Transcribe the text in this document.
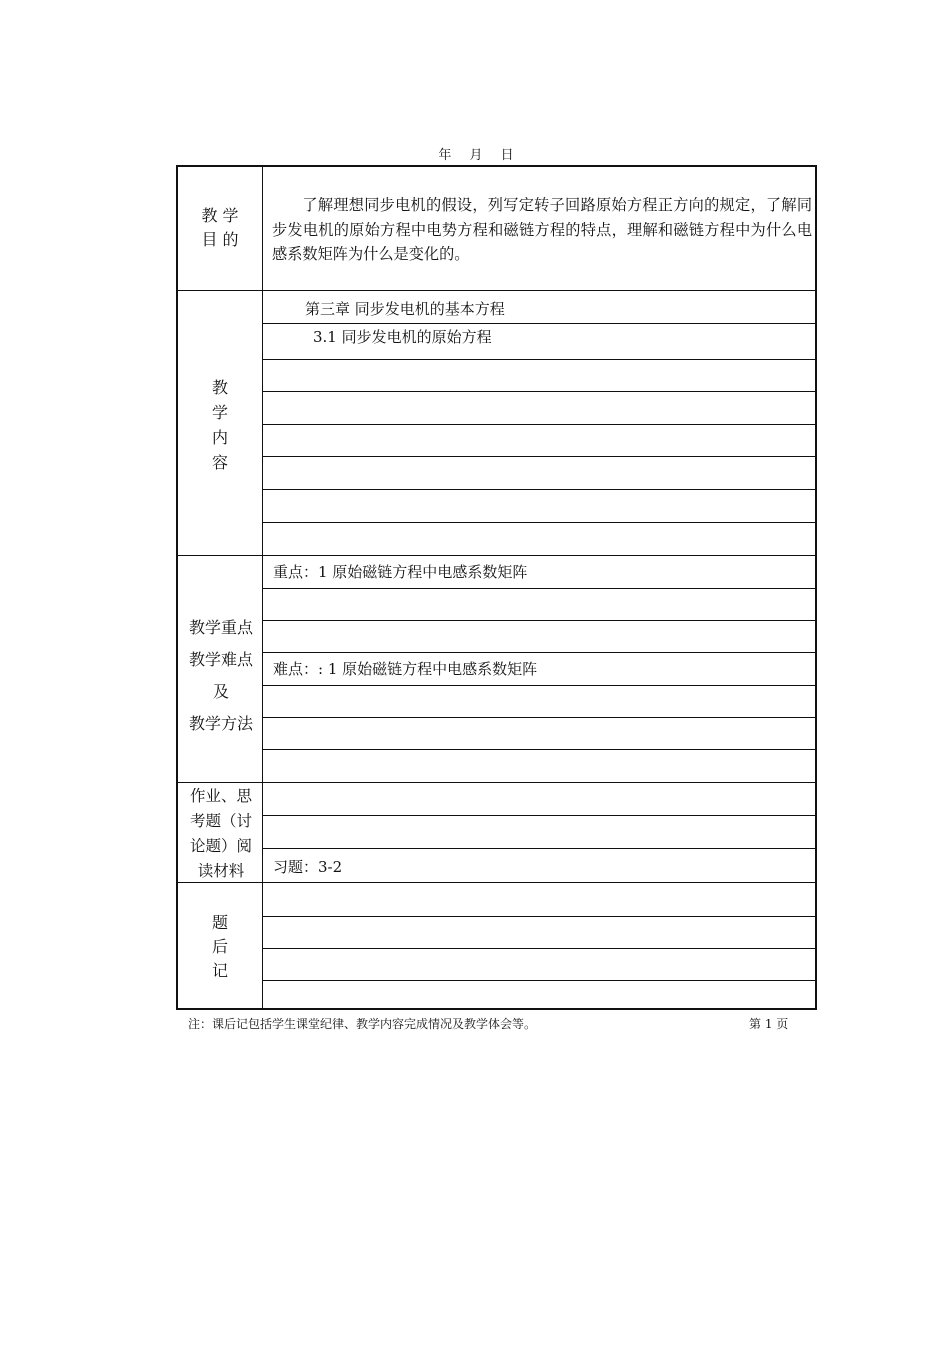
年 月 日
教 学
目 的
了解理想同步电机的假设，列写定转子回路原始方程正方向的规定，了解同步发电机的原始方程中电势方程和磁链方程的特点，理解和磁链方程中为什么电感系数矩阵为什么是变化的。
教
学
内
容
第三章 同步发电机的基本方程
3.1 同步发电机的原始方程
教学重点
教学难点
及
教学方法
重点：1 原始磁链方程中电感系数矩阵
难点：: 1 原始磁链方程中电感系数矩阵
作业、思
考题（讨
论题）阅
读材料	习题：3-2
题
后
记
注：课后记包括学生课堂纪律、教学内容完成情况及教学体会等。	第 1 页
